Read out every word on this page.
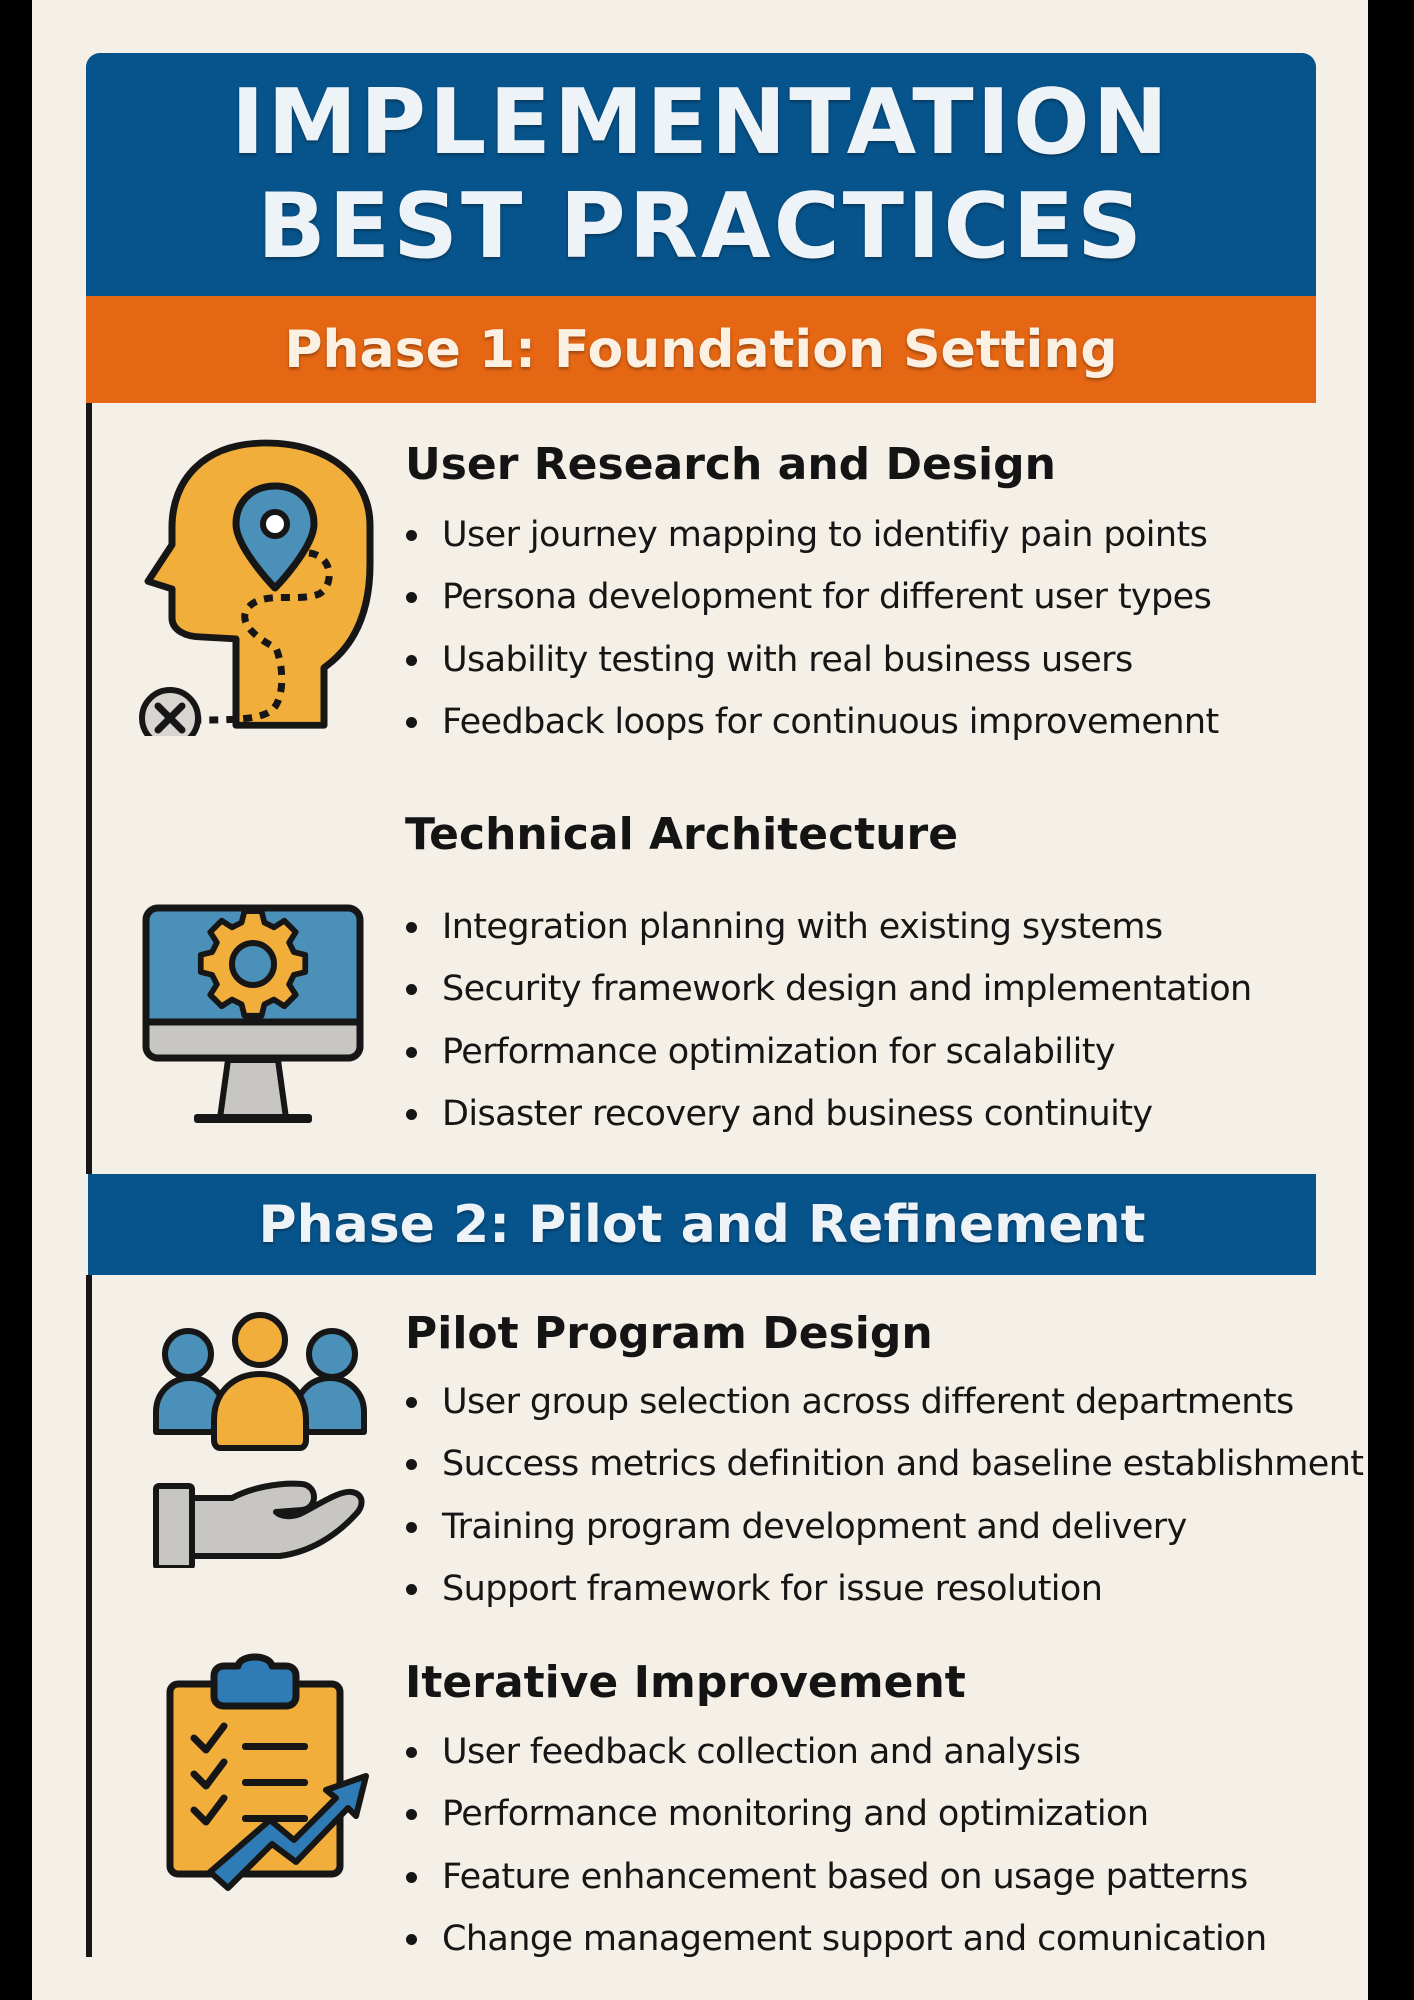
IMPLEMENTATION
BEST PRACTICES
Phase 1: Foundation Setting
User Research and Design
User journey mapping to identifiy pain points
Persona development for different user types
Usability testing with real business users
Feedback loops for continuous improvemennt
Technical Architecture
Integration planning with existing systems
Security framework design and implementation
Performance optimization for scalability
Disaster recovery and business continuity
Phase 2: Pilot and Refinement
Pilot Program Design
User group selection across different departments
Success metrics definition and baseline establishment
Training program development and delivery
Support framework for issue resolution
Iterative Improvement
User feedback collection and analysis
Performance monitoring and optimization
Feature enhancement based on usage patterns
Change management support and comunication
